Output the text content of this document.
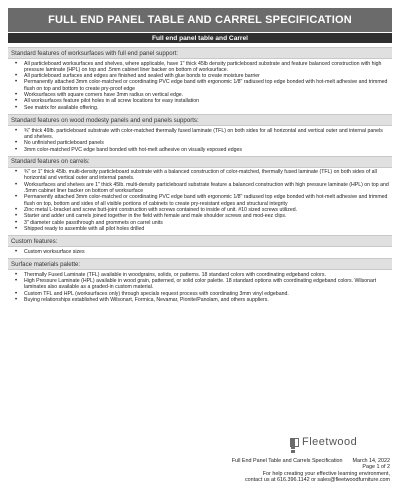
FULL END PANEL TABLE AND CARREL SPECIFICATION
Full end panel table and Carrel
Standard features of worksurfaces with full end panel support:
• All particleboard worksurfaces and shelves, where applicable, have 1" thick 45lb density particleboard substrate and feature balanced construction with high pressure laminate (HPL) on top and .5mm cabinet liner backer on bottom of worksurface.
• All particleboard surfaces and edges are finished and sealed with glue bonds to create moisture barrier
• Permanently attached 3mm color-matched or coordinating PVC edge band with ergonomic 1/8" radiused top edge bonded with hot-melt adhesive and trimmed flush on top and bottom to create pry-proof edge
• Worksurfaces with square corners have 3mm radius on vertical edge.
• All worksurfaces feature pilot holes in all screw locations for easy installation
• See matrix for available offering.
Standard features on wood modesty panels and end panels supports:
• ¾" thick 49lb. particleboard substrate with color-matched thermally fused laminate (TFL) on both sides for all horizontal and vertical outer and internal panels and shelves.
• No unfinished particleboard panels
• 3mm color-matched PVC edge band bonded with hot-melt adhesive on visually exposed edges
Standard features on carrels:
• ¾" or 1" thick 45lb. multi-density particleboard substrate with a balanced construction of color-matched, thermally fused laminate (TFL) on both sides of all horizontal and vertical outer and internal panels.
• Worksurfaces and shelves are 1" thick 45lb. multi-density particleboard substrate feature a balanced construction with high pressure laminate (HPL) on top and .5mm cabinet liner backer on bottom of worksurface
• Permanently attached 3mm color-matched or coordinating PVC edge band with ergonomic 1/8" radiused top edge bonded with hot-melt adhesive and trimmed flush on top, bottom and sides of all visible portions of cabinets to create pry-resistant edges and structural integrity
• Zinc metal L-bracket and screw butt-joint construction with screws contained to inside of unit. #10 sized screws utilized.
• Starter and adder unit carrels joined together in the field with female and male shoulder screws and mod-eez clips.
• 3" diameter cable passthrough and grommets on carrel units
• Shipped ready to assemble with all pilot holes drilled
Custom features:
• Custom worksurface sizes
Surface materials palette:
• Thermally Fused Laminate (TFL) available in woodgrains, solids, or patterns. 18 standard colors with coordinating edgeband colors.
• High Pressure Laminate (HPL) available in wood grain, patterned, or solid color palette. 18 standard options with coordinating edgeband colors. Wilsonart laminates also available as a graded-in custom material.
• Custom TFL and HPL (worksurfaces only) through specials request process with coordinating 3mm vinyl edgeband.
• Buying relationships established with Wilsonart, Formica, Nevamar, Pionite/Panolam, and others suppliers.
Fleetwood
Full End Panel Table and Carrels Specification March 14, 2022
Page 1 of 2
For help creating your effective learning environment,
contact us at 616.396.1142 or sales@fleetwoodfurniture.com
